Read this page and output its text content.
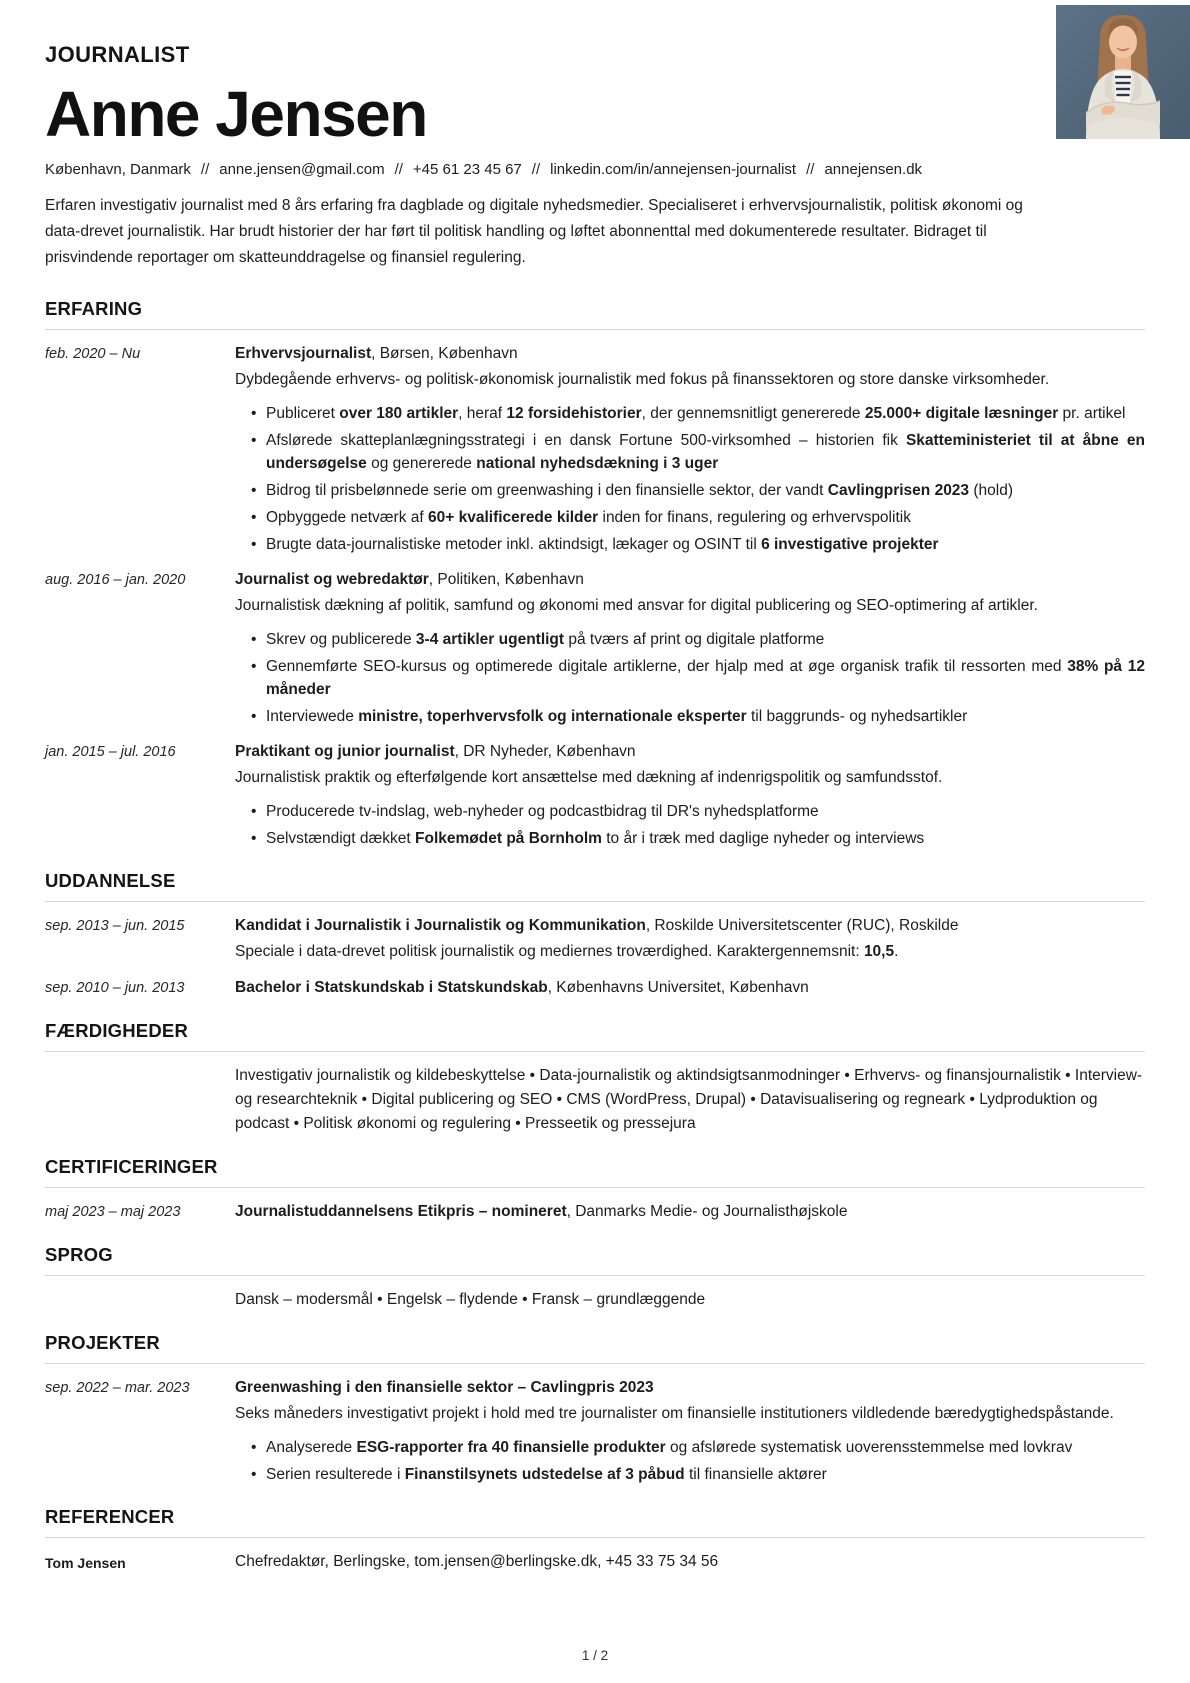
JOURNALIST
Anne Jensen
København, Danmark // anne.jensen@gmail.com // +45 61 23 45 67 // linkedin.com/in/annejensen-journalist // annejensen.dk

Erfaren investigativ journalist med 8 års erfaring fra dagblade og digitale nyhedsmedier. Specialiseret i erhvervsjournalistik, politisk økonomi og data-drevet journalistik. Har brudt historier der har ført til politisk handling og løftet abonnenttal med dokumenterede resultater. Bidraget til prisvindende reportager om skatteunddragelse og finansiel regulering.

ERFARING
feb. 2020 – Nu	Erhvervsjournalist, Børsen, København
Dybdegående erhvervs- og politisk-økonomisk journalistik med fokus på finanssektoren og store danske virksomheder.
• Publiceret over 180 artikler, heraf 12 forsidehistorier, der gennemsnitligt genererede 25.000+ digitale læsninger pr. artikel
• Afslørede skatteplanlægningsstrategi i en dansk Fortune 500-virksomhed – historien fik Skatteministeriet til at åbne en undersøgelse og genererede national nyhedsdækning i 3 uger
• Bidrog til prisbelønnede serie om greenwashing i den finansielle sektor, der vandt Cavlingprisen 2023 (hold)
• Opbyggede netværk af 60+ kvalificerede kilder inden for finans, regulering og erhvervspolitik
• Brugte data-journalistiske metoder inkl. aktindsigt, lækager og OSINT til 6 investigative projekter
aug. 2016 – jan. 2020	Journalist og webredaktør, Politiken, København
Journalistisk dækning af politik, samfund og økonomi med ansvar for digital publicering og SEO-optimering af artikler.
• Skrev og publicerede 3-4 artikler ugentligt på tværs af print og digitale platforme
• Gennemførte SEO-kursus og optimerede digitale artiklerne, der hjalp med at øge organisk trafik til ressorten med 38% på 12 måneder
• Interviewede ministre, toperhvervsfolk og internationale eksperter til baggrunds- og nyhedsartikler
jan. 2015 – jul. 2016	Praktikant og junior journalist, DR Nyheder, København
Journalistisk praktik og efterfølgende kort ansættelse med dækning af indenrigspolitik og samfundsstof.
• Producerede tv-indslag, web-nyheder og podcastbidrag til DR's nyhedsplatforme
• Selvstændigt dækket Folkemødet på Bornholm to år i træk med daglige nyheder og interviews
UDDANNELSE
sep. 2013 – jun. 2015	Kandidat i Journalistik i Journalistik og Kommunikation, Roskilde Universitetscenter (RUC), Roskilde
Speciale i data-drevet politisk journalistik og mediernes troværdighed. Karaktergennemsnit: 10,5.
sep. 2010 – jun. 2013	Bachelor i Statskundskab i Statskundskab, Københavns Universitet, København
FÆRDIGHEDER
Investigativ journalistik og kildebeskyttelse • Data-journalistik og aktindsigtsanmodninger • Erhvervs- og finansjournalistik • Interview- og researchteknik • Digital publicering og SEO • CMS (WordPress, Drupal) • Datavisualisering og regneark • Lydproduktion og podcast • Politisk økonomi og regulering • Presseetik og pressejura
CERTIFICERINGER
maj 2023 – maj 2023	Journalistuddannelsens Etikpris – nomineret, Danmarks Medie- og Journalisthøjskole
SPROG
Dansk – modersmål • Engelsk – flydende • Fransk – grundlæggende
PROJEKTER
sep. 2022 – mar. 2023	Greenwashing i den finansielle sektor – Cavlingpris 2023
Seks måneders investigativt projekt i hold med tre journalister om finansielle institutioners vildledende bæredygtighedspåstande.
• Analyserede ESG-rapporter fra 40 finansielle produkter og afslørede systematisk uoverensstemmelse med lovkrav
• Serien resulterede i Finanstilsynets udstedelse af 3 påbud til finansielle aktører
REFERENCER
Tom Jensen	Chefredaktør, Berlingske, tom.jensen@berlingske.dk, +45 33 75 34 56
1 / 2
